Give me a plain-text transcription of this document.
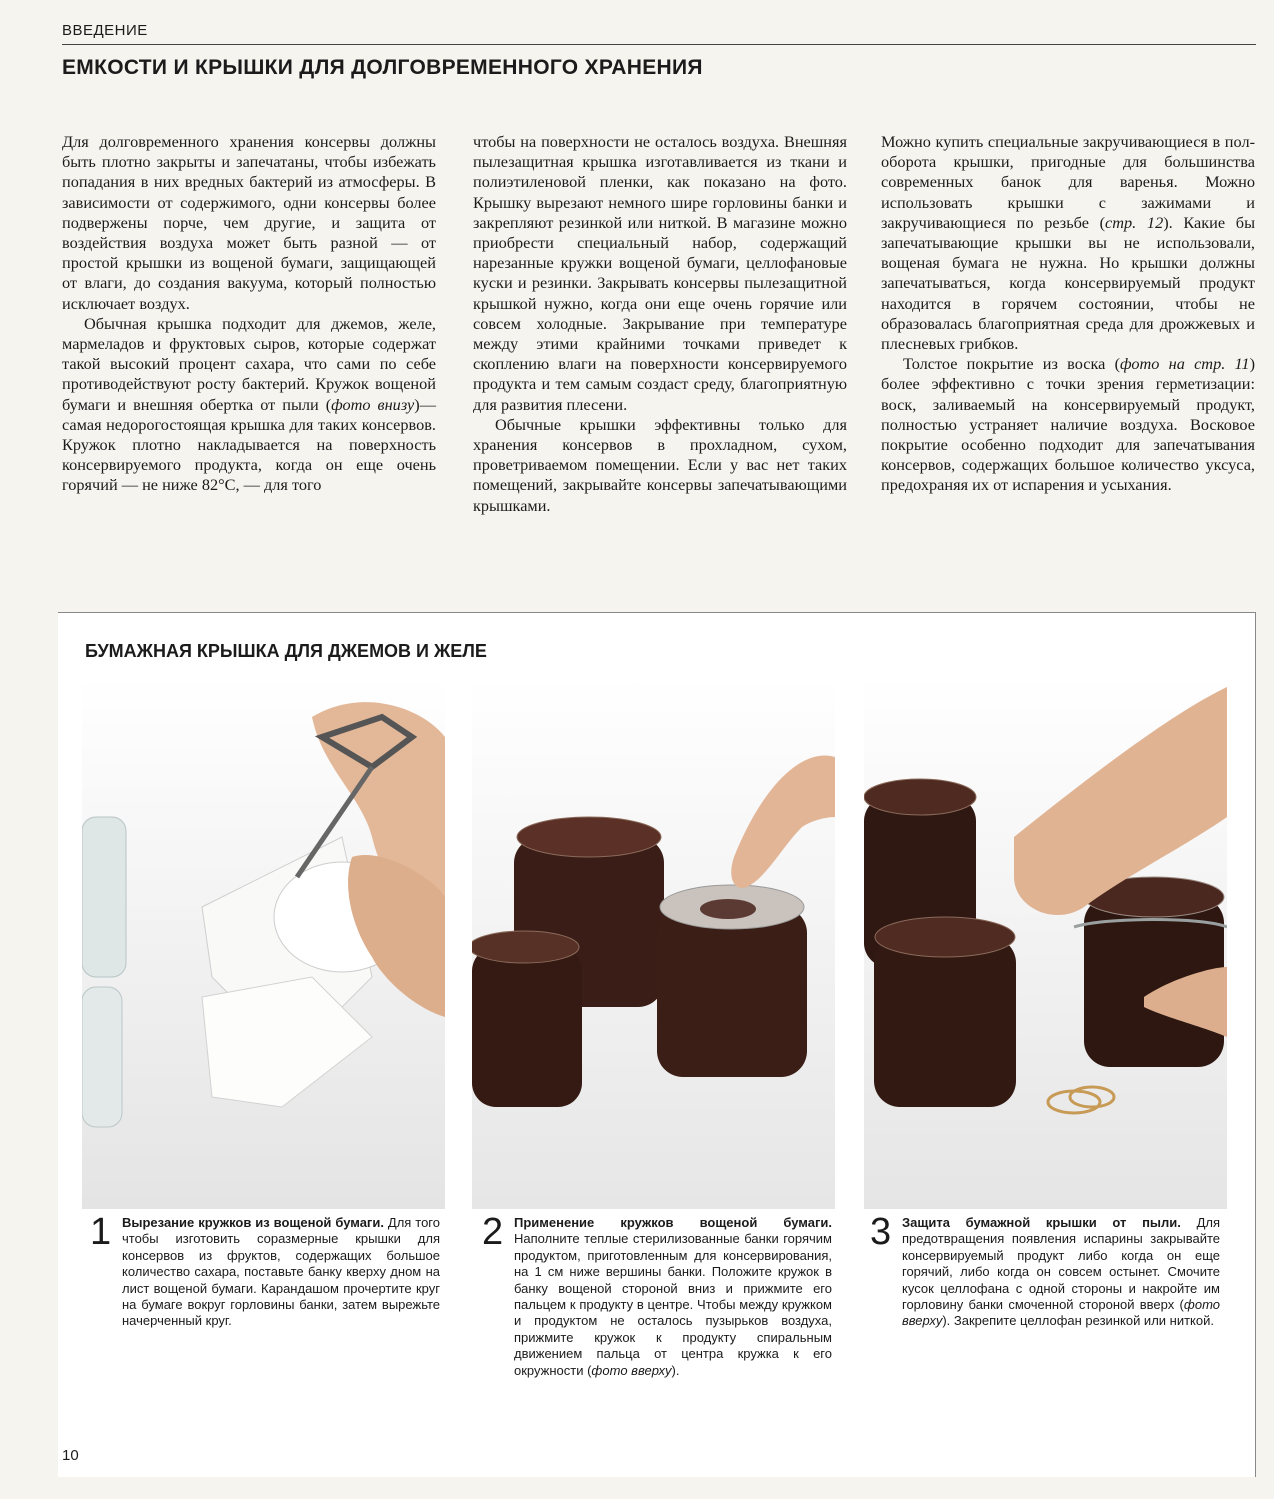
ВВЕДЕНИЕ
ЕМКОСТИ И КРЫШКИ ДЛЯ ДОЛГОВРЕМЕННОГО ХРАНЕНИЯ

Для долговременного хранения консервы должны быть плотно закрыты и запечатаны, чтобы избежать попадания в них вредных бактерий из атмосферы. В зависимости от содержимого, одни консервы более подвержены порче, чем другие, и защита от воздействия воздуха может быть разной — от простой крышки из вощеной бумаги, защищающей от влаги, до создания вакуума, который полностью исключает воздух.

Обычная крышка подходит для джемов, желе, мармеладов и фруктовых сыров, которые содержат такой высокий процент сахара, что сами по себе противодействуют росту бактерий. Кружок вощеной бумаги и внешняя обертка от пыли (фото внизу)— самая недорогостоящая крышка для таких консервов. Кружок плотно накладывается на поверхность консервируемого продукта, когда он еще очень горячий — не ниже 82°С, — для того

чтобы на поверхности не осталось воздуха. Внешняя пылезащитная крышка изготавливается из ткани и полиэтиленовой пленки, как показано на фото. Крышку вырезают немного шире горловины банки и закрепляют резинкой или ниткой. В магазине можно приобрести специальный набор, содержащий нарезанные кружки вощеной бумаги, целлофановые куски и резинки. Закрывать консервы пылезащитной крышкой нужно, когда они еще очень горячие или совсем холодные. Закрывание при температуре между этими крайними точками приведет к скоплению влаги на поверхности консервируемого продукта и тем самым создаст среду, благоприятную для развития плесени.

Обычные крышки эффективны только для хранения консервов в прохладном, сухом, проветриваемом помещении. Если у вас нет таких помещений, закрывайте консервы запечатывающими крышками.

Можно купить специальные закручивающиеся в пол-оборота крышки, пригодные для большинства современных банок для варенья. Можно использовать крышки с зажимами и закручивающиеся по резьбе (стр. 12). Какие бы запечатывающие крышки вы не использовали, вощеная бумага не нужна. Но крышки должны запечатываться, когда консервируемый продукт находится в горячем состоянии, чтобы не образовалась благоприятная среда для дрожжевых и плесневых грибков.

Толстое покрытие из воска (фото на стр. 11) более эффективно с точки зрения герметизации: воск, заливаемый на консервируемый продукт, полностью устраняет наличие воздуха. Восковое покрытие особенно подходит для запечатывания консервов, содержащих большое количество уксуса, предохраняя их от испарения и усыхания.

БУМАЖНАЯ КРЫШКА ДЛЯ ДЖЕМОВ И ЖЕЛЕ
1 Вырезание кружков из вощеной бумаги. Для того чтобы изготовить соразмерные крышки для консервов из фруктов, содержащих большое количество сахара, поставьте банку кверху дном на лист вощеной бумаги. Карандашом прочертите круг на бумаге вокруг горловины банки, затем вырежьте начерченный круг.
2 Применение кружков вощеной бумаги. Наполните теплые стерилизованные банки горячим продуктом, приготовленным для консервирования, на 1 см ниже вершины банки. Положите кружок в банку вощеной стороной вниз и прижмите его пальцем к продукту в центре. Чтобы между кружком и продуктом не осталось пузырьков воздуха, прижмите кружок к продукту спиральным движением пальца от центра кружка к его окружности (фото вверху).
3 Защита бумажной крышки от пыли. Для предотвращения появления испарины закрывайте консервируемый продукт либо когда он еще горячий, либо когда он совсем остынет. Смочите кусок целлофана с одной стороны и накройте им горловину банки смоченной стороной вверх (фото вверху). Закрепите целлофан резинкой или ниткой.
10
